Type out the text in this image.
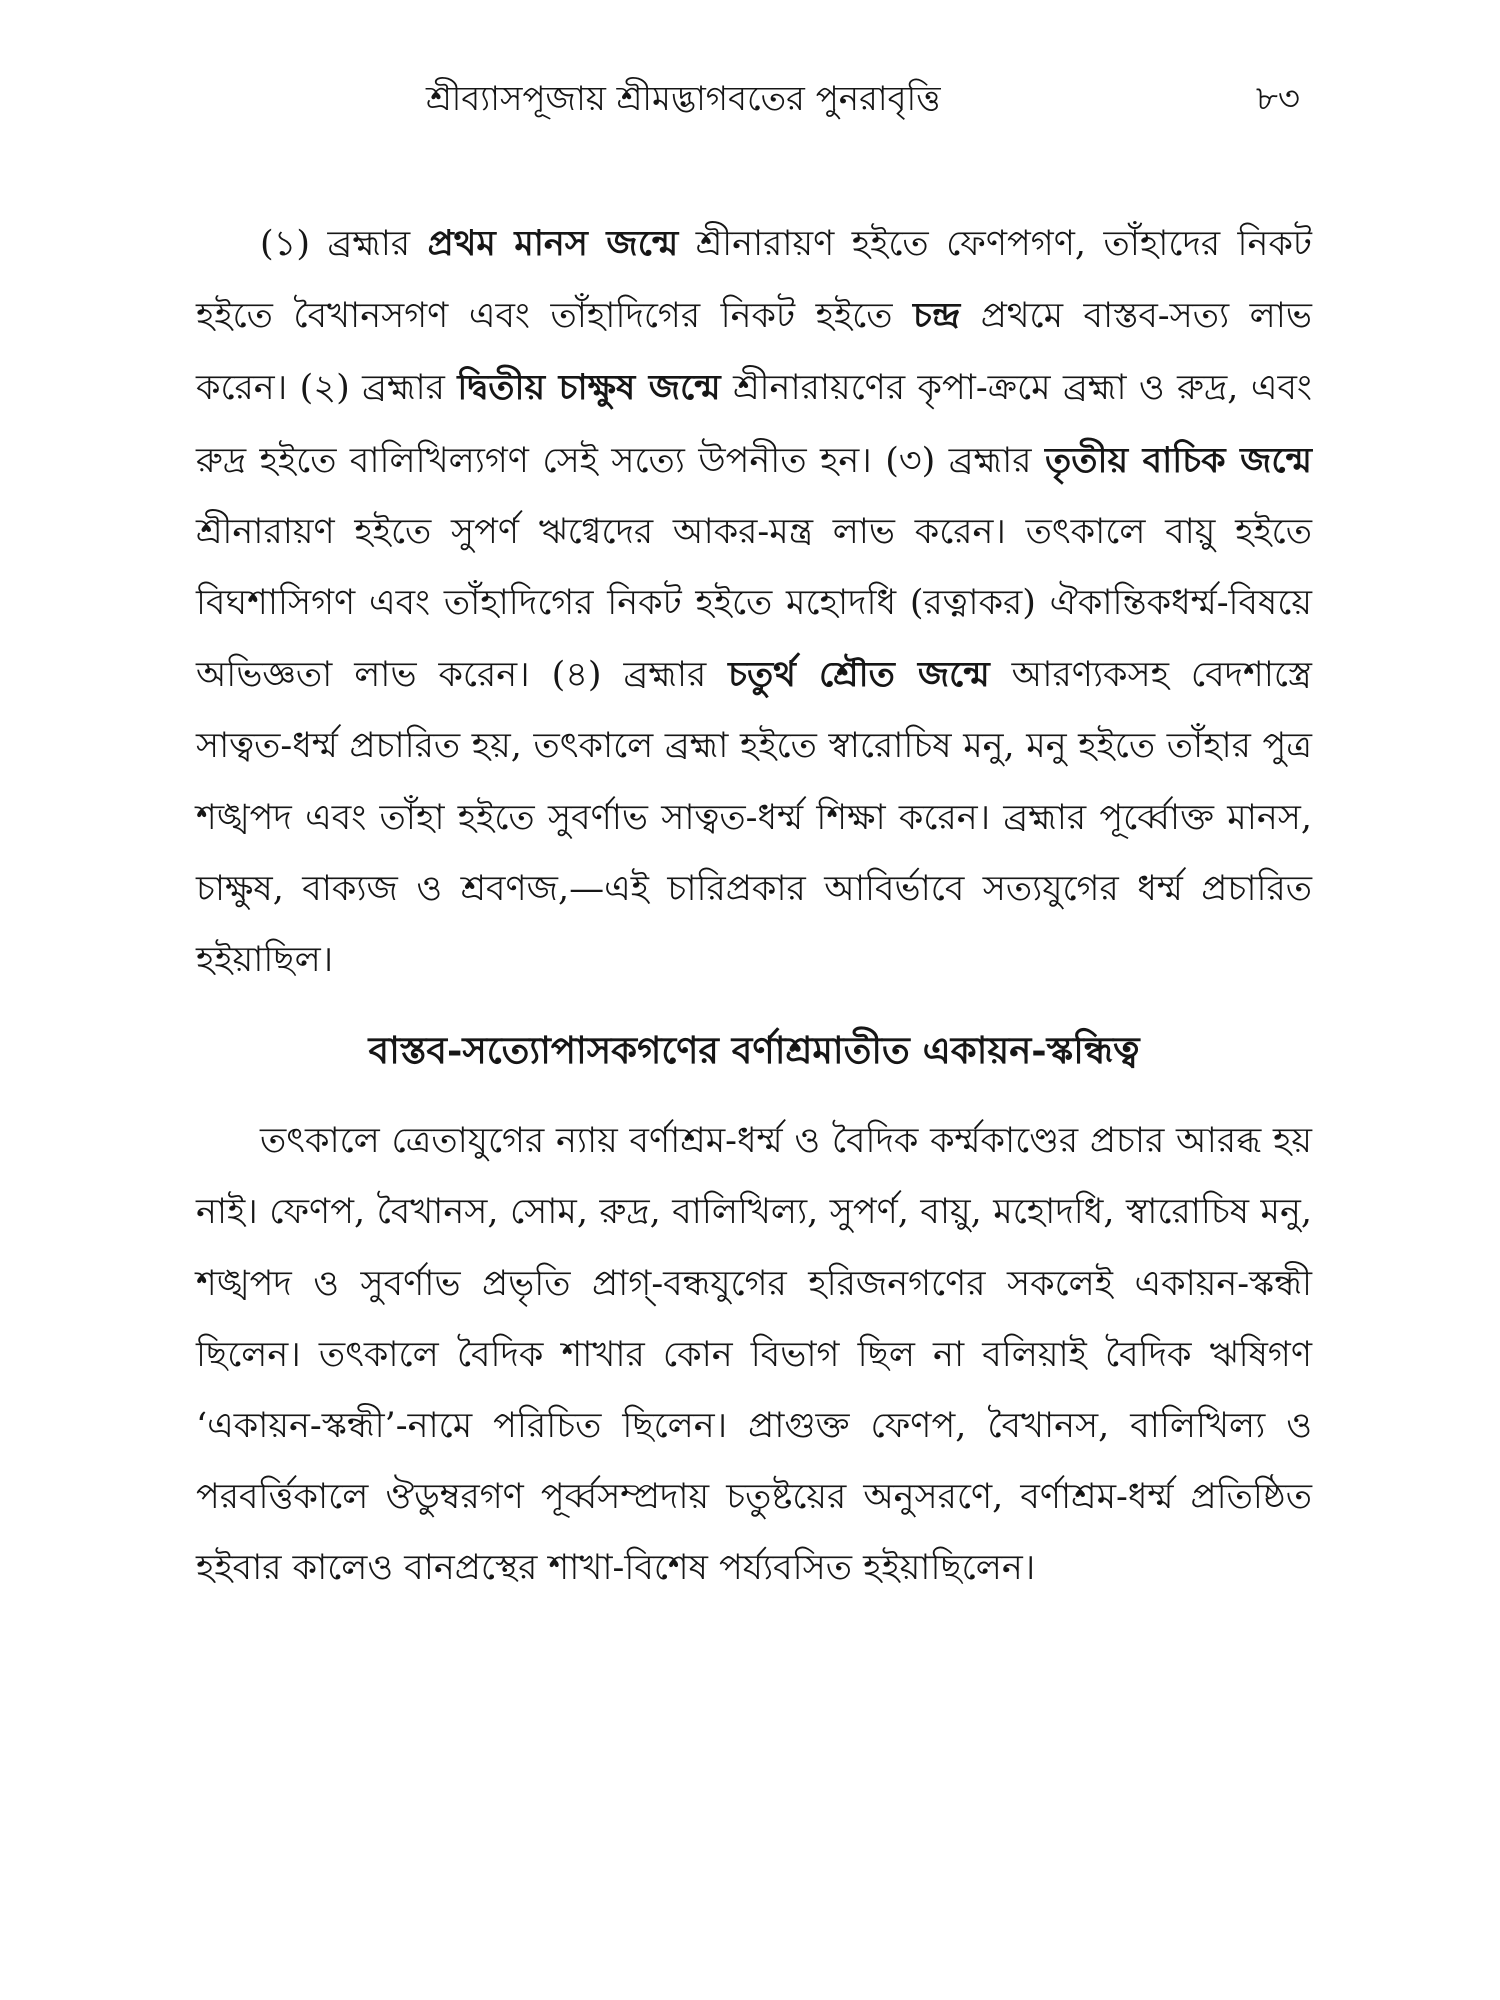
শ্রীব্যাসপূজায় শ্রীমদ্ভাগবতের পুনরাবৃত্তি	৮৩

(১) ব্রহ্মার প্রথম মানস জন্মে শ্রীনারায়ণ হইতে ফেণপগণ, তাঁহাদের নিকট হইতে বৈখানসগণ এবং তাঁহাদিগের নিকট হইতে চন্দ্র প্রথমে বাস্তব-সত্য লাভ করেন। (২) ব্রহ্মার দ্বিতীয় চাক্ষুষ জন্মে শ্রীনারায়ণের কৃপা-ক্রমে ব্রহ্মা ও রুদ্র, এবং রুদ্র হইতে বালিখিল্যগণ সেই সত্যে উপনীত হন। (৩) ব্রহ্মার তৃতীয় বাচিক জন্মে শ্রীনারায়ণ হইতে সুপর্ণ ঋগ্বেদের আকর-মন্ত্র লাভ করেন। তৎকালে বায়ু হইতে বিঘশাসিগণ এবং তাঁহাদিগের নিকট হইতে মহোদধি (রত্নাকর) ঐকান্তিকধর্ম্ম-বিষয়ে অভিজ্ঞতা লাভ করেন। (৪) ব্রহ্মার চতুর্থ শ্রৌত জন্মে আরণ্যকসহ বেদশাস্ত্রে সাত্বত-ধর্ম্ম প্রচারিত হয়, তৎকালে ব্রহ্মা হইতে স্বারোচিষ মনু, মনু হইতে তাঁহার পুত্র শঙ্খপদ এবং তাঁহা হইতে সুবর্ণাভ সাত্বত-ধর্ম্ম শিক্ষা করেন। ব্রহ্মার পূর্ব্বোক্ত মানস, চাক্ষুষ, বাক্যজ ও শ্রবণজ,—এই চারিপ্রকার আবির্ভাবে সত্যযুগের ধর্ম্ম প্রচারিত হইয়াছিল।

বাস্তব-সত্যোপাসকগণের বর্ণাশ্রমাতীত একায়ন-স্কন্ধিত্ব

তৎকালে ত্রেতাযুগের ন্যায় বর্ণাশ্রম-ধর্ম্ম ও বৈদিক কর্ম্মকাণ্ডের প্রচার আরব্ধ হয় নাই। ফেণপ, বৈখানস, সোম, রুদ্র, বালিখিল্য, সুপর্ণ, বায়ু, মহোদধি, স্বারোচিষ মনু, শঙ্খপদ ও সুবর্ণাভ প্রভৃতি প্রাগ্-বন্ধযুগের হরিজনগণের সকলেই একায়ন-স্কন্ধী ছিলেন। তৎকালে বৈদিক শাখার কোন বিভাগ ছিল না বলিয়াই বৈদিক ঋষিগণ ‘একায়ন-স্কন্ধী’-নামে পরিচিত ছিলেন। প্রাগুক্ত ফেণপ, বৈখানস, বালিখিল্য ও পরবর্ত্তিকালে ঔডুম্বরগণ পূর্ব্বসম্প্রদায় চতুষ্টয়ের অনুসরণে, বর্ণাশ্রম-ধর্ম্ম প্রতিষ্ঠিত হইবার কালেও বানপ্রস্থের শাখা-বিশেষ পর্য্যবসিত হইয়াছিলেন।
